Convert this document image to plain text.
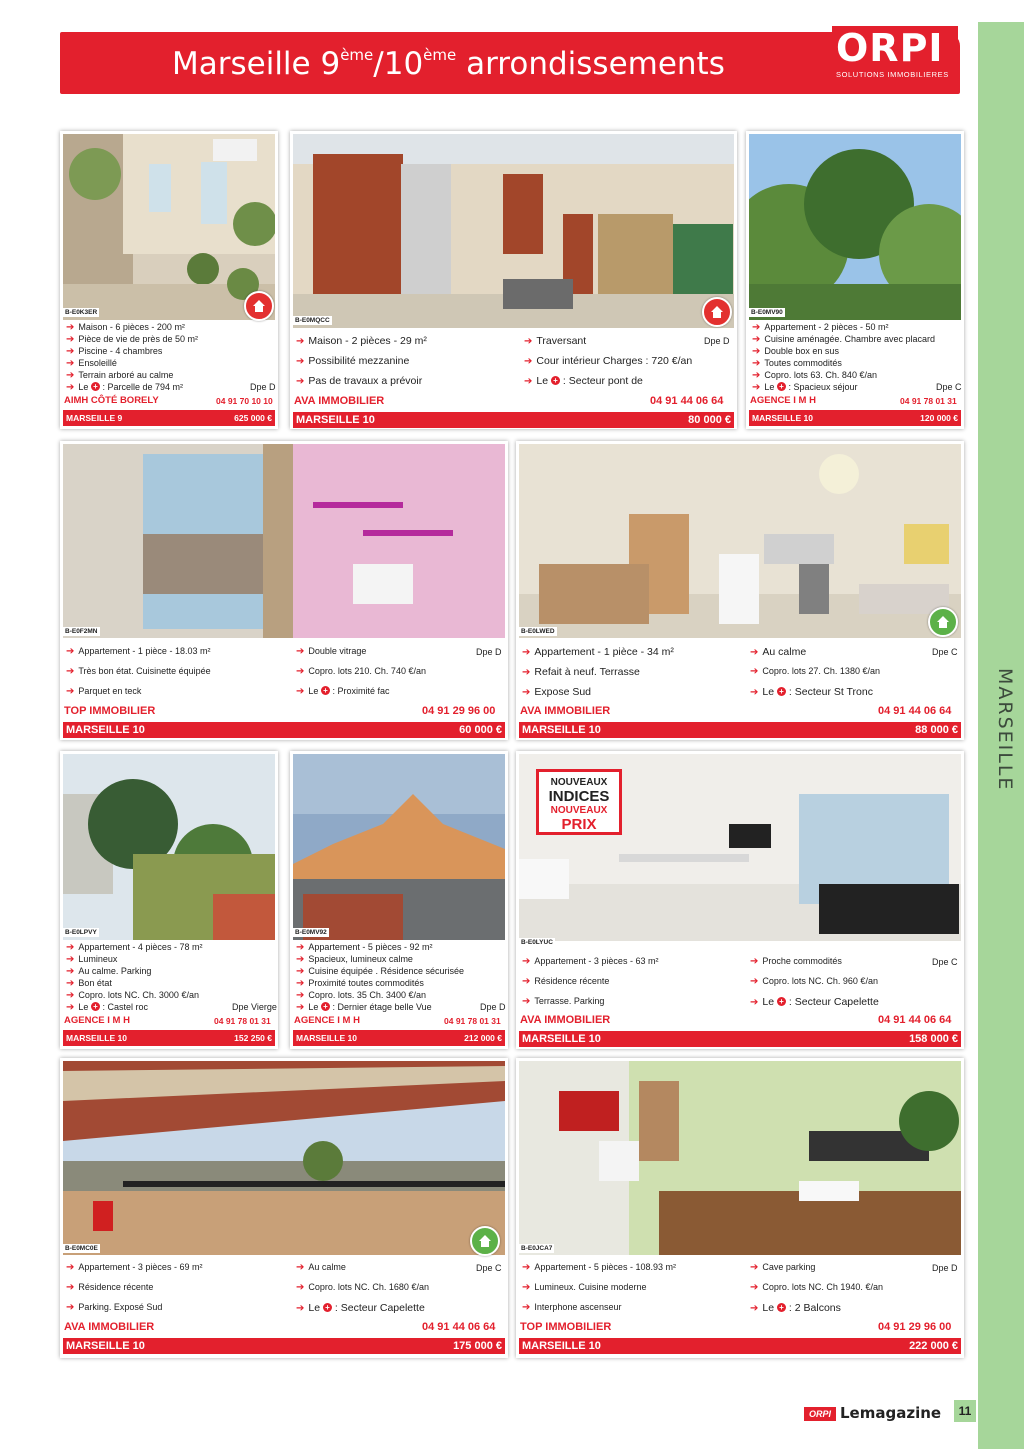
MARSEILLE
Marseille 9ème/10ème arrondissements	ORPI
SOLUTIONS IMMOBILIERES
B-E0K3ER
➔ Maison - 6 pièces - 200 m²
➔ Pièce de vie de près de 50 m²
➔ Piscine - 4 chambres
➔ Ensoleillé
➔ Terrain arboré au calme
➔ Le + : Parcelle de 794 m²	Dpe D
AIMH CÔTÉ BORELY	04 91 70 10 10
MARSEILLE 9	625 000 €
B-E0MQCC
➔ Maison - 2 pièces - 29 m²
➔ Possibilité mezzanine
➔ Pas de travaux a prévoir
➔ Traversant
➔ Cour intérieur Charges : 720 €/an
➔ Le + : Secteur pont de
Dpe D
AVA IMMOBILIER	04 91 44 06 64
MARSEILLE 10	80 000 €
B-E0MV90
➔ Appartement - 2 pièces - 50 m²
➔ Cuisine aménagée. Chambre avec placard
➔ Double box en sus
➔ Toutes commodités
➔ Copro. lots 63. Ch. 840 €/an
➔ Le + : Spacieux séjour	Dpe C
AGENCE I M H	04 91 78 01 31
MARSEILLE 10	120 000 €
B-E0F2MN
➔ Appartement - 1 pièce - 18.03 m²
➔ Très bon état. Cuisinette équipée
➔ Parquet en teck
➔ Double vitrage
➔ Copro. lots 210. Ch. 740 €/an
➔ Le + : Proximité fac
Dpe D
TOP IMMOBILIER	04 91 29 96 00
MARSEILLE 10	60 000 €
B-E0LWED
➔ Appartement - 1 pièce - 34 m²
➔ Refait à neuf. Terrasse
➔ Expose Sud
➔ Au calme
➔ Copro. lots 27. Ch. 1380 €/an
➔ Le + : Secteur St Tronc
Dpe C
AVA IMMOBILIER	04 91 44 06 64
MARSEILLE 10	88 000 €
B-E0LPVY
➔ Appartement - 4 pièces - 78 m²
➔ Lumineux
➔ Au calme. Parking
➔ Bon état
➔ Copro. lots NC. Ch. 3000 €/an
➔ Le + : Castel roc	Dpe Vierge
AGENCE I M H	04 91 78 01 31
MARSEILLE 10	152 250 €
B-E0MV92
➔ Appartement - 5 pièces - 92 m²
➔ Spacieux, lumineux calme
➔ Cuisine équipée . Résidence sécurisée
➔ Proximité toutes commodités
➔ Copro. lots. 35 Ch. 3400 €/an
➔ Le + : Dernier étage belle Vue	Dpe D
AGENCE I M H	04 91 78 01 31
MARSEILLE 10	212 000 €
NOUVEAUX
INDICES
NOUVEAUX
PRIX
B-E0LYUC
➔ Appartement - 3 pièces - 63 m²
➔ Résidence récente
➔ Terrasse. Parking
➔ Proche commodités
➔ Copro. lots NC. Ch. 960 €/an
➔ Le + : Secteur Capelette
Dpe C
AVA IMMOBILIER	04 91 44 06 64
MARSEILLE 10	158 000 €
B-E0MC0E
➔ Appartement - 3 pièces - 69 m²
➔ Résidence récente
➔ Parking. Exposé Sud
➔ Au calme
➔ Copro. lots NC. Ch. 1680 €/an
➔ Le + : Secteur Capelette
Dpe C
AVA IMMOBILIER	04 91 44 06 64
MARSEILLE 10	175 000 €
B-E0JCA7
➔ Appartement - 5 pièces - 108.93 m²
➔ Lumineux. Cuisine moderne
➔ Interphone ascenseur
➔ Cave parking
➔ Copro. lots NC. Ch 1940. €/an
➔ Le + : 2 Balcons
Dpe D
TOP IMMOBILIER	04 91 29 96 00
MARSEILLE 10	222 000 €
ORPI Lemagazine	11
